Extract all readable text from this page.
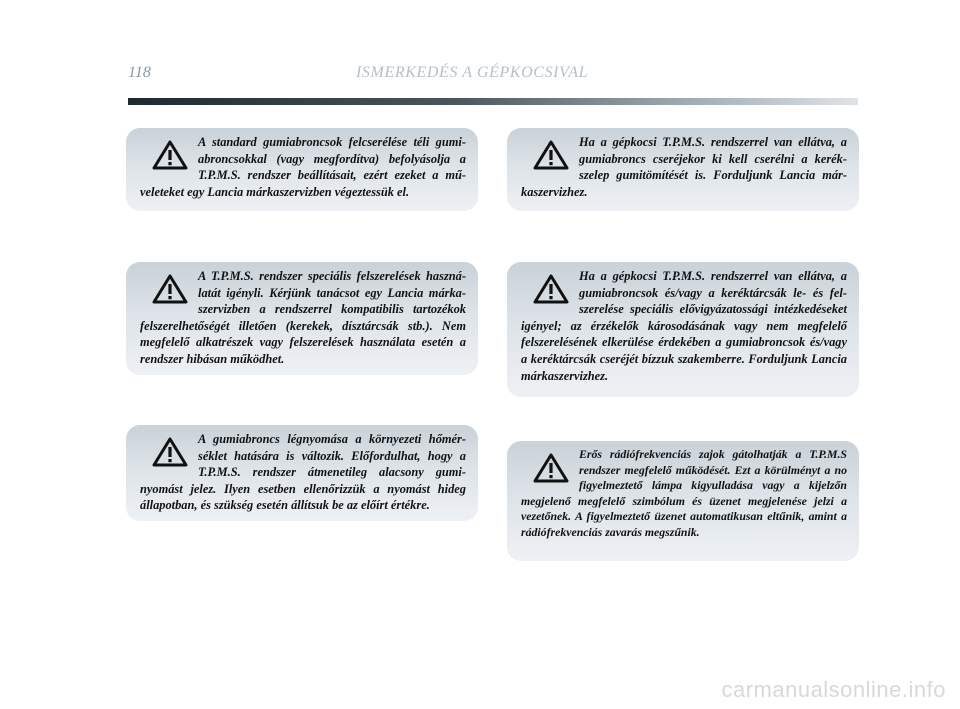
118	ISMERKEDÉS A GÉPKOCSIVAL

A standard gumiabroncsok felcserélése téli gumiabroncsokkal (vagy megfordítva) befolyásolja a T.P.M.S. rendszer beállításait, ezért ezeket a műveleteket egy Lancia márkaszervizben végeztessük el.

Ha a gépkocsi T.P.M.S. rendszerrel van ellátva, a gumiabroncs cseréjekor ki kell cserélni a kerékszelep gumitömítését is. Forduljunk Lancia márkaszervizhez.

A T.P.M.S. rendszer speciális felszerelések használatát igényli. Kérjünk tanácsot egy Lancia márkaszervizben a rendszerrel kompatibilis tartozékok felszerelhetőségét illetően (kerekek, dísztárcsák stb.). Nem megfelelő alkatrészek vagy felszerelések használata esetén a rendszer hibásan működhet.

Ha a gépkocsi T.P.M.S. rendszerrel van ellátva, a gumiabroncsok és/vagy a keréktárcsák le- és felszerelése speciális elővigyázatossági intézkedéseket igényel; az érzékelők károsodásának vagy nem megfelelő felszerelésének elkerülése érdekében a gumiabroncsok és/vagy a keréktárcsák cseréjét bízzuk szakemberre. Forduljunk Lancia márkaszervizhez.

A gumiabroncs légnyomása a környezeti hőmérséklet hatására is változik. Előfordulhat, hogy a T.P.M.S. rendszer átmenetileg alacsony guminyomást jelez. Ilyen esetben ellenőrizzük a nyomást hideg állapotban, és szükség esetén állítsuk be az előírt értékre.

Erős rádiófrekvenciás zajok gátolhatják a T.P.M.S rendszer megfelelő működését. Ezt a körülményt a no figyelmeztető lámpa kigyulladása vagy a kijelzőn megjelenő megfelelő szimbólum és üzenet megjelenése jelzi a vezetőnek. A figyelmeztető üzenet automatikusan eltűnik, amint a rádiófrekvenciás zavarás megszűnik.

carmanualsonline.info
